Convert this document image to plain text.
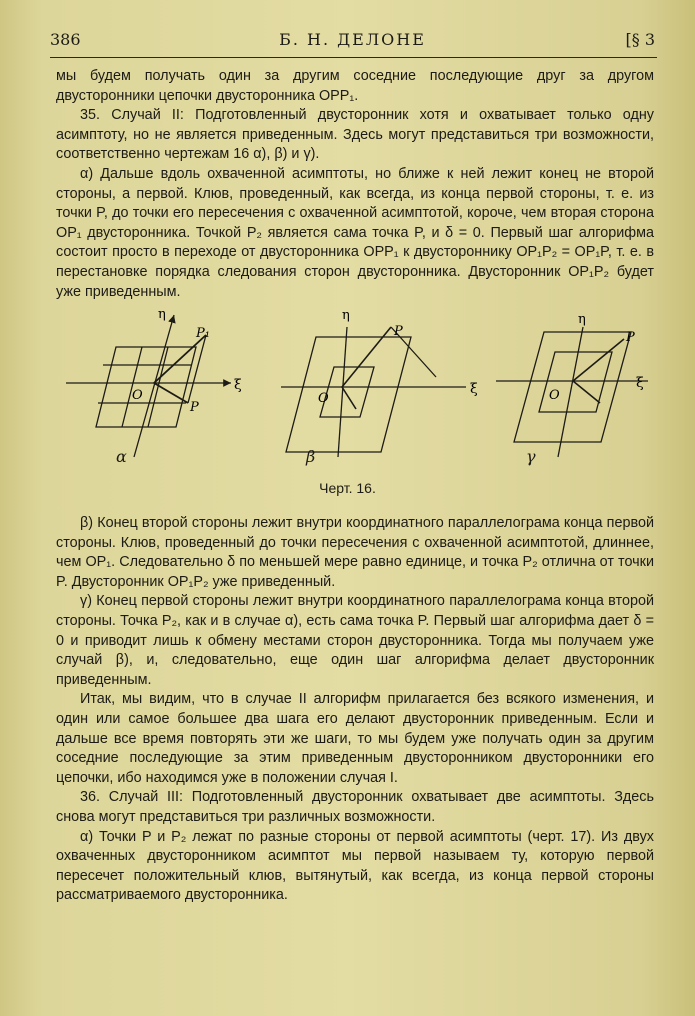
386	Б. Н. ДЕЛОНЕ	[§ 3

мы будем получать один за другим соседние последующие друг за другом двусторонники цепочки двусторонника OPP₁.

35. Случай II: Подготовленный двусторонник хотя и охватывает только одну асимптоту, но не является приведенным. Здесь могут представиться три возможности, соответственно чертежам 16 α), β) и γ).

α) Дальше вдоль охваченной асимптоты, но ближе к ней лежит конец не второй стороны, а первой. Клюв, проведенный, как всегда, из конца первой стороны, т. е. из точки P, до точки его пересечения с охваченной асимптотой, короче, чем вторая сторона OP₁ двусторонника. Точкой P₂ является сама точка P, и δ = 0. Первый шаг алгорифма состоит просто в переходе от двусторонника OPP₁ к двустороннику OP₁P₂ = OP₁P, т. е. в перестановке порядка следования сторон двусторонника. Двусторонник OP₁P₂ будет уже приведенным.

η
ξ
O
P₁
P
η
ξ
O
P
η
ξ
O
P
α	β	γ
Черт. 16.

β) Конец второй стороны лежит внутри координатного параллелограма конца первой стороны. Клюв, проведенный до точки пересечения с охваченной асимптотой, длиннее, чем OP₁. Следовательно δ по меньшей мере равно единице, и точка P₂ отлична от точки P. Двусторонник OP₁P₂ уже приведенный.

γ) Конец первой стороны лежит внутри координатного параллелограма конца второй стороны. Точка P₂, как и в случае α), есть сама точка P. Первый шаг алгорифма дает δ = 0 и приводит лишь к обмену местами сторон двусторонника. Тогда мы получаем уже случай β), и, следовательно, еще один шаг алгорифма делает двусторонник приведенным.

Итак, мы видим, что в случае II алгорифм прилагается без всякого изменения, и один или самое большее два шага его делают двусторонник приведенным. Если и дальше все время повторять эти же шаги, то мы будем уже получать один за другим соседние последующие за этим приведенным двусторонником двусторонники его цепочки, ибо находимся уже в положении случая I.

36. Случай III: Подготовленный двусторонник охватывает две асимптоты. Здесь снова могут представиться три различных возможности.

α) Точки P и P₂ лежат по разные стороны от первой асимптоты (черт. 17). Из двух охваченных двусторонником асимптот мы первой называем ту, которую первой пересечет положительный клюв, вытянутый, как всегда, из конца первой стороны рассматриваемого двусторонника.
